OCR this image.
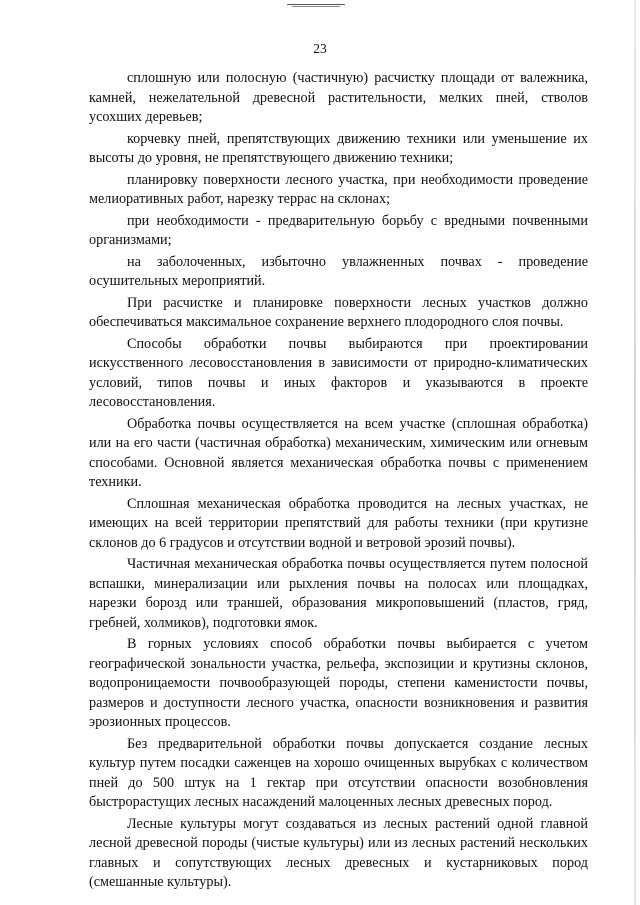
23

сплошную или полосную (частичную) расчистку площади от валежника, камней, нежелательной древесной растительности, мелких пней, стволов усохших деревьев;

корчевку пней, препятствующих движению техники или уменьшение их высоты до уровня, не препятствующего движению техники;

планировку поверхности лесного участка, при необходимости проведение мелиоративных работ, нарезку террас на склонах;

при необходимости - предварительную борьбу с вредными почвенными организмами;

на заболоченных, избыточно увлажненных почвах - проведение осушительных мероприятий.

При расчистке и планировке поверхности лесных участков должно обеспечиваться максимальное сохранение верхнего плодородного слоя почвы.

Способы обработки почвы выбираются при проектировании искусственного лесовосстановления в зависимости от природно-климатических условий, типов почвы и иных факторов и указываются в проекте лесовосстановления.

Обработка почвы осуществляется на всем участке (сплошная обработка) или на его части (частичная обработка) механическим, химическим или огневым способами. Основной является механическая обработка почвы с применением техники.

Сплошная механическая обработка проводится на лесных участках, не имеющих на всей территории препятствий для работы техники (при крутизне склонов до 6 градусов и отсутствии водной и ветровой эрозий почвы).

Частичная механическая обработка почвы осуществляется путем полосной вспашки, минерализации или рыхления почвы на полосах или площадках, нарезки борозд или траншей, образования микроповышений (пластов, гряд, гребней, холмиков), подготовки ямок.

В горных условиях способ обработки почвы выбирается с учетом географической зональности участка, рельефа, экспозиции и крутизны склонов, водопроницаемости почвообразующей породы, степени каменистости почвы, размеров и доступности лесного участка, опасности возникновения и развития эрозионных процессов.

Без предварительной обработки почвы допускается создание лесных культур путем посадки саженцев на хорошо очищенных вырубках с количеством пней до 500 штук на 1 гектар при отсутствии опасности возобновления быстрорастущих лесных насаждений малоценных лесных древесных пород.

Лесные культуры могут создаваться из лесных растений одной главной лесной древесной породы (чистые культуры) или из лесных растений нескольких главных и сопутствующих лесных древесных и кустарниковых пород (смешанные культуры).
